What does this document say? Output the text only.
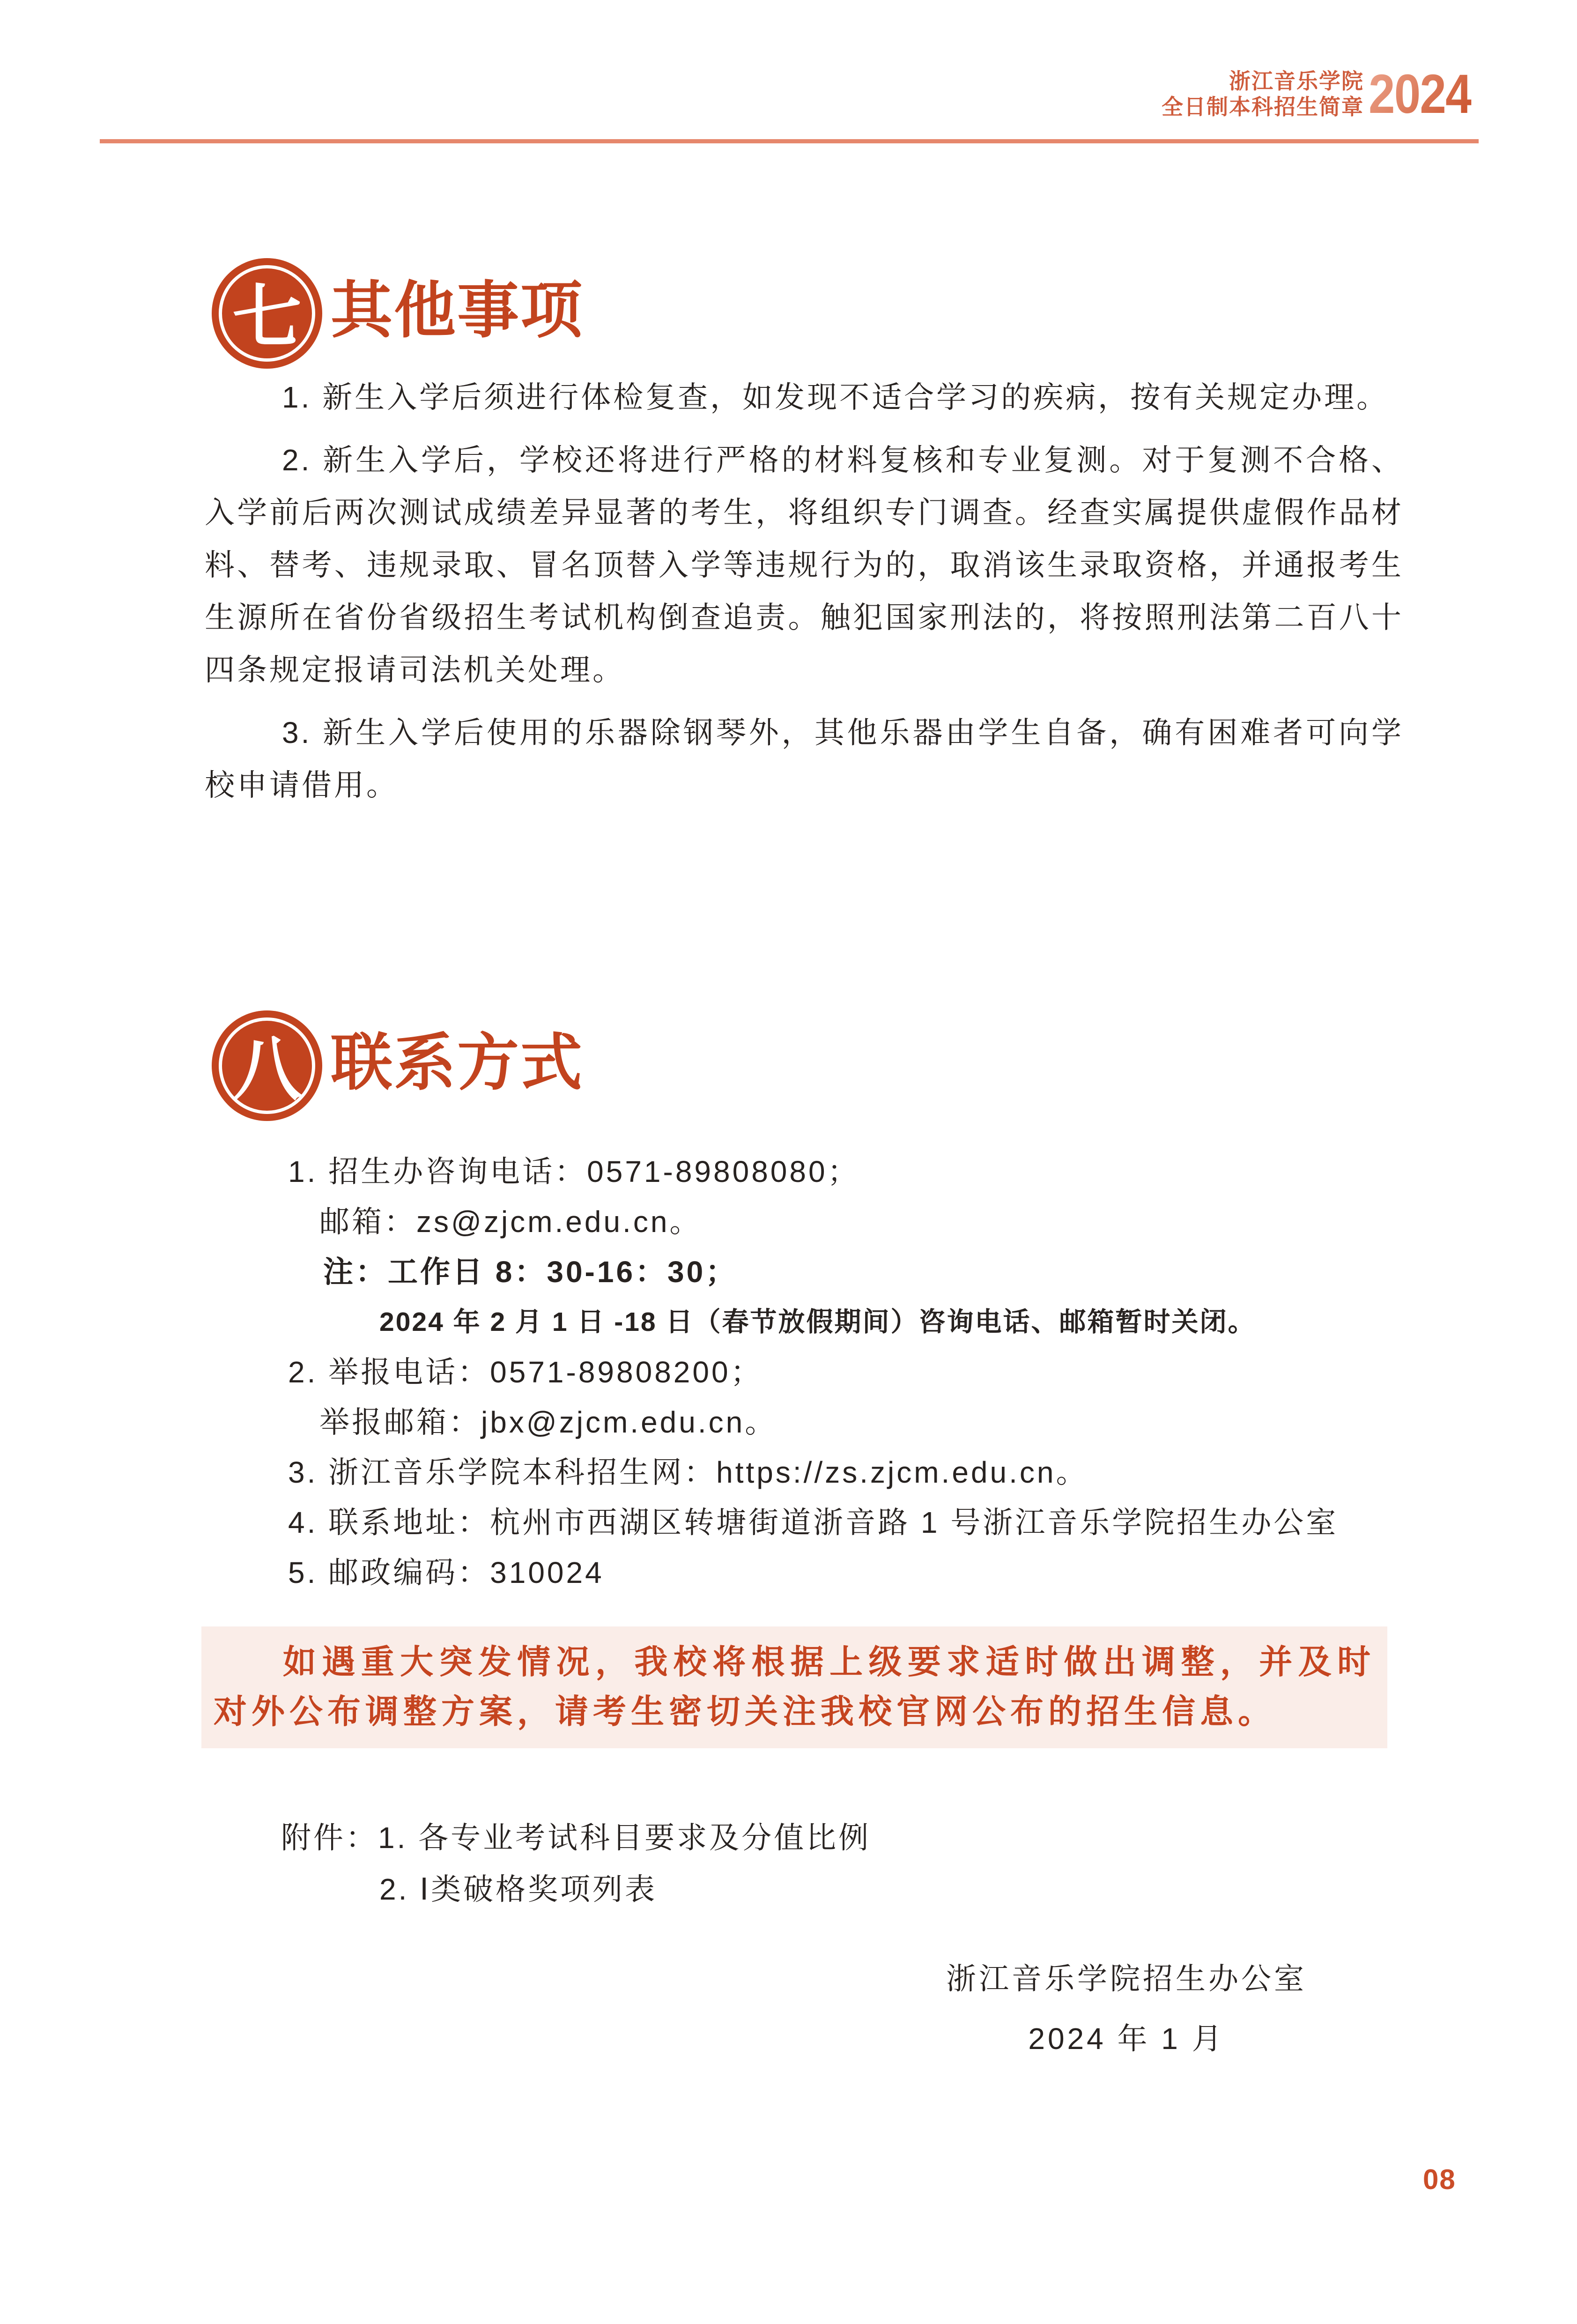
浙江音乐学院
全日制本科招生简章 2024
七 其他事项

1. 新生入学后须进行体检复查，如发现不适合学习的疾病，按有关规定办理。

2. 新生入学后，学校还将进行严格的材料复核和专业复测。对于复测不合格、入学前后两次测试成绩差异显著的考生，将组织专门调查。经查实属提供虚假作品材料、替考、违规录取、冒名顶替入学等违规行为的，取消该生录取资格，并通报考生生源所在省份省级招生考试机构倒查追责。触犯国家刑法的，将按照刑法第二百八十四条规定报请司法机关处理。

3. 新生入学后使用的乐器除钢琴外，其他乐器由学生自备，确有困难者可向学校申请借用。

八 联系方式
1. 招生办咨询电话：0571-89808080；
邮箱：zs@zjcm.edu.cn。
注：工作日 8：30-16：30；
2024 年 2 月 1 日 -18 日（春节放假期间）咨询电话、邮箱暂时关闭。
2. 举报电话：0571-89808200；
举报邮箱：jbx@zjcm.edu.cn。
3. 浙江音乐学院本科招生网：https://zs.zjcm.edu.cn。
4. 联系地址：杭州市西湖区转塘街道浙音路 1 号浙江音乐学院招生办公室
5. 邮政编码：310024
如遇重大突发情况，我校将根据上级要求适时做出调整，并及时对外公布调整方案，请考生密切关注我校官网公布的招生信息。
附件：1. 各专业考试科目要求及分值比例
2. Ⅰ类破格奖项列表
浙江音乐学院招生办公室
2024 年 1 月
08
